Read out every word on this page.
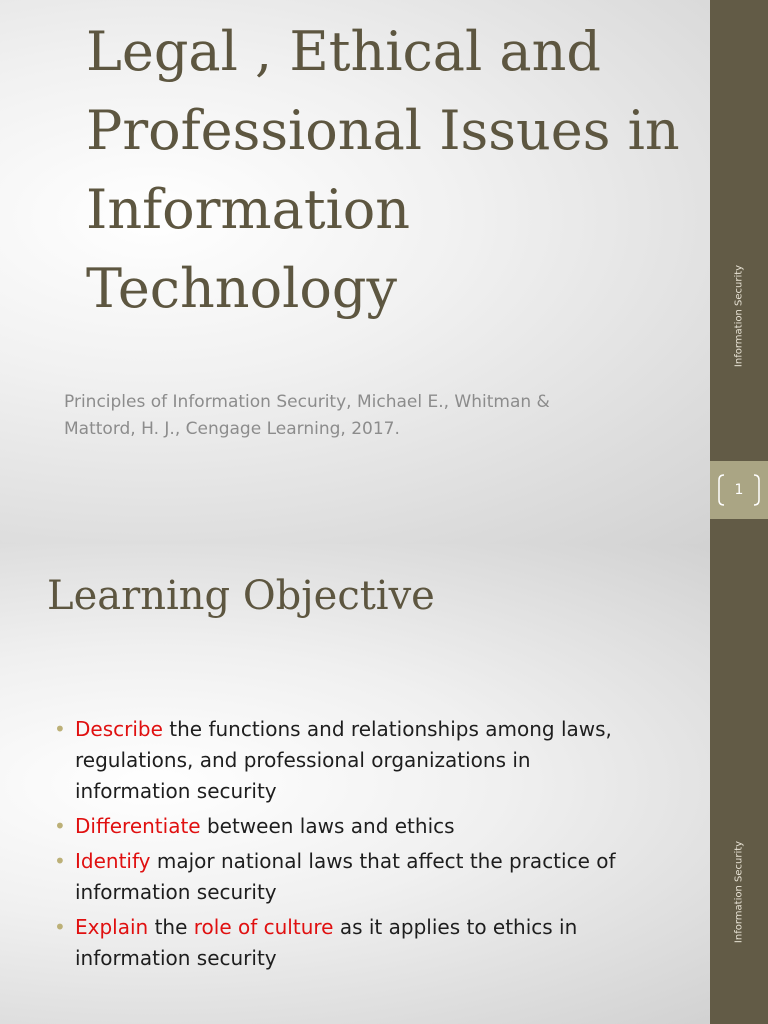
Legal , Ethical and Professional Issues in Information Technology

Principles of Information Security, Michael E., Whitman & Mattord, H. J., Cengage Learning, 2017.

Information Security
1
Learning Objective
• Describe the functions and relationships among laws, regulations, and professional organizations in information security
• Differentiate between laws and ethics
• Identify major national laws that affect the practice of information security
• Explain the role of culture as it applies to ethics in information security
Information Security
